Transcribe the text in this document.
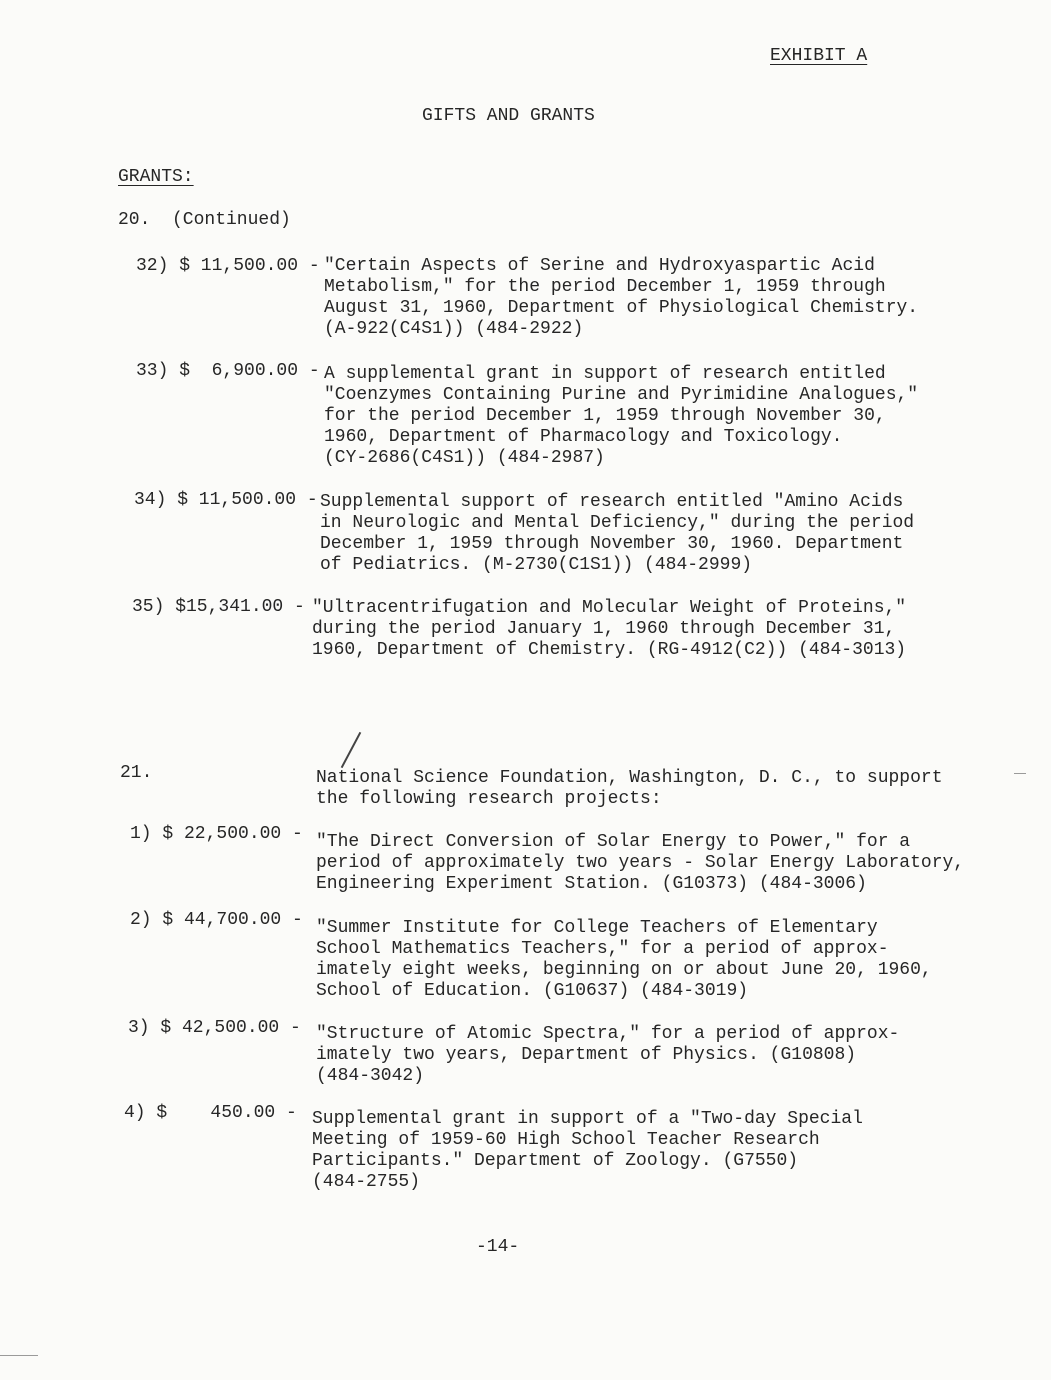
EXHIBIT A
GIFTS AND GRANTS
GRANTS:
20. (Continued)
32) $ 11,500.00 - "Certain Aspects of Serine and Hydroxyaspartic Acid
Metabolism," for the period December 1, 1959 through
August 31, 1960, Department of Physiological Chemistry.
(A-922(C4S1)) (484-2922)
33) $  6,900.00 - A supplemental grant in support of research entitled
"Coenzymes Containing Purine and Pyrimidine Analogues,"
for the period December 1, 1959 through November 30,
1960, Department of Pharmacology and Toxicology.
(CY-2686(C4S1)) (484-2987)
34) $ 11,500.00 - Supplemental support of research entitled "Amino Acids
in Neurologic and Mental Deficiency," during the period
December 1, 1959 through November 30, 1960. Department
of Pediatrics. (M-2730(C1S1)) (484-2999)
35) $15,341.00 - "Ultracentrifugation and Molecular Weight of Proteins,"
during the period January 1, 1960 through December 31,
1960, Department of Chemistry. (RG-4912(C2)) (484-3013)
21.	National Science Foundation, Washington, D. C., to support
the following research projects:
1) $ 22,500.00 - "The Direct Conversion of Solar Energy to Power," for a
period of approximately two years - Solar Energy Laboratory,
Engineering Experiment Station. (G10373) (484-3006)
2) $ 44,700.00 - "Summer Institute for College Teachers of Elementary
School Mathematics Teachers," for a period of approx-
imately eight weeks, beginning on or about June 20, 1960,
School of Education. (G10637) (484-3019)
3) $ 42,500.00 - "Structure of Atomic Spectra," for a period of approx-
imately two years, Department of Physics. (G10808)
(484-3042)
4) $    450.00 - Supplemental grant in support of a "Two-day Special
Meeting of 1959-60 High School Teacher Research
Participants." Department of Zoology. (G7550)
(484-2755)
-14-
